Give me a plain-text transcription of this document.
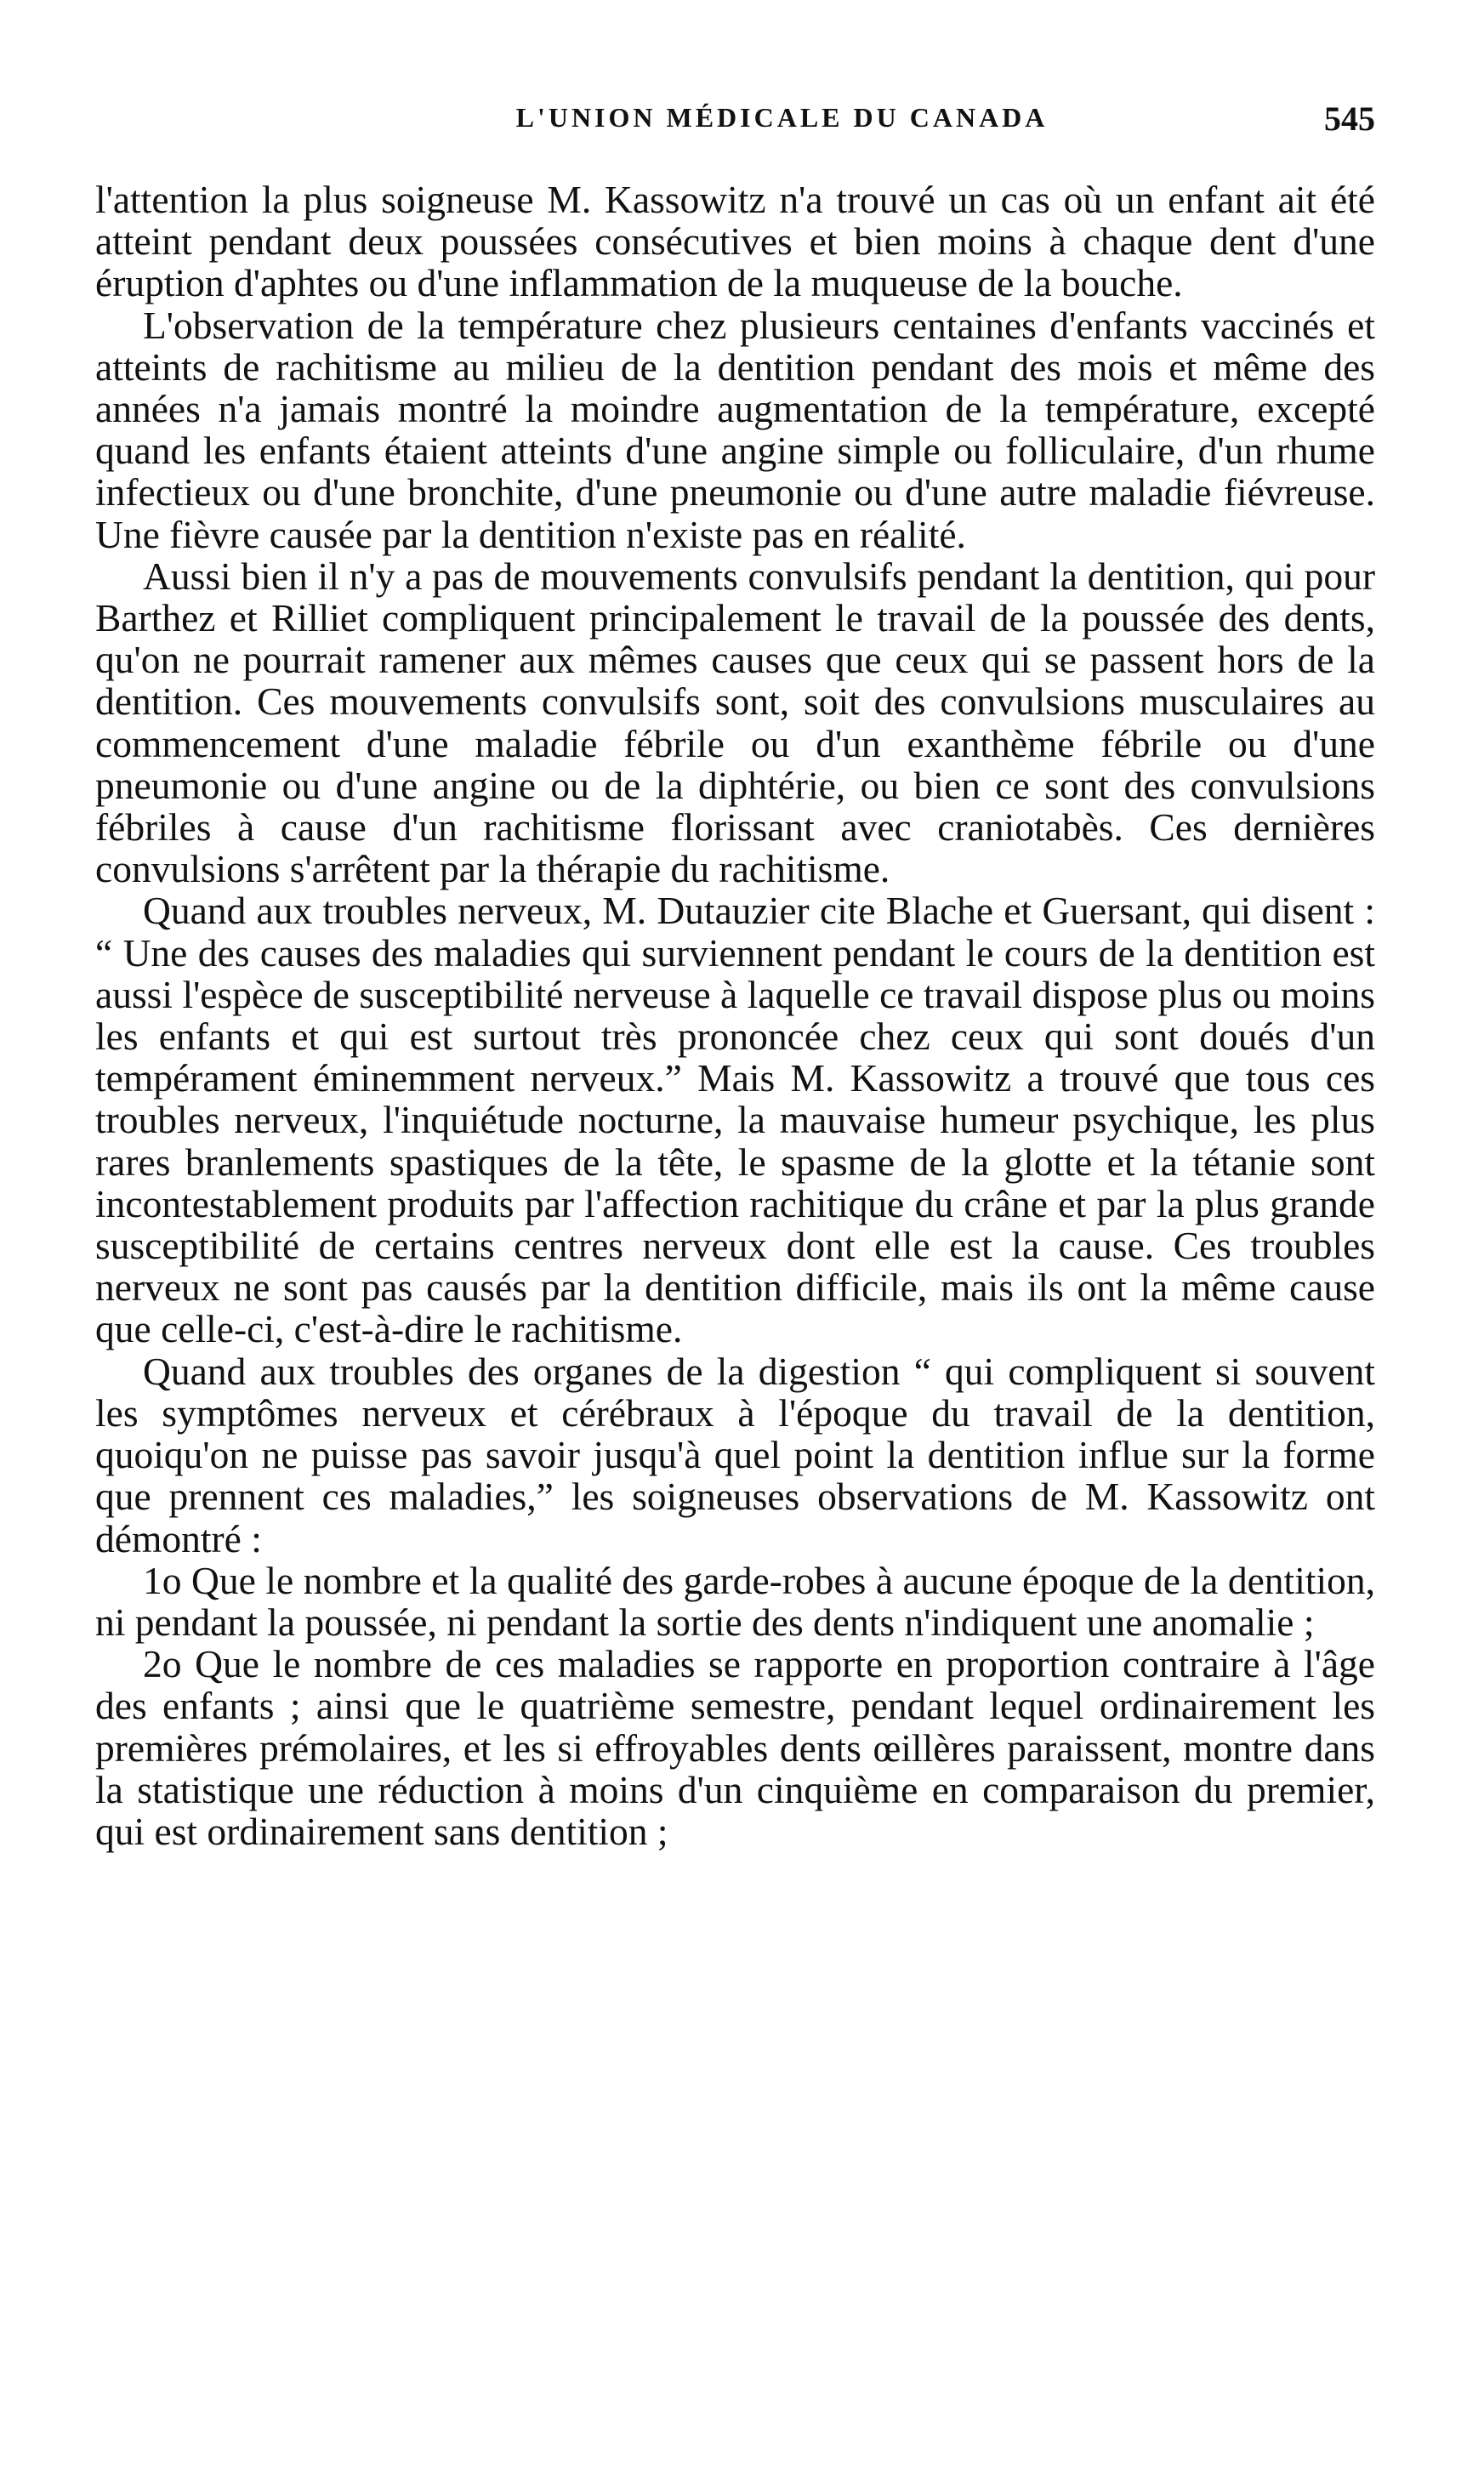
L'UNION MÉDICALE DU CANADA	545

l'attention la plus soigneuse M. Kassowitz n'a trouvé un cas où un enfant ait été atteint pendant deux poussées consécutives et bien moins à chaque dent d'une éruption d'aphtes ou d'une inflammation de la muqueuse de la bouche.

L'observation de la température chez plusieurs centaines d'enfants vaccinés et atteints de rachitisme au milieu de la dentition pendant des mois et même des années n'a jamais montré la moindre augmentation de la température, excepté quand les enfants étaient atteints d'une angine simple ou folliculaire, d'un rhume infectieux ou d'une bronchite, d'une pneumonie ou d'une autre maladie fiévreuse. Une fièvre causée par la dentition n'existe pas en réalité.

Aussi bien il n'y a pas de mouvements convulsifs pendant la dentition, qui pour Barthez et Rilliet compliquent principalement le travail de la poussée des dents, qu'on ne pourrait ramener aux mêmes causes que ceux qui se passent hors de la dentition. Ces mouvements convulsifs sont, soit des convulsions musculaires au commencement d'une maladie fébrile ou d'un exanthème fébrile ou d'une pneumonie ou d'une angine ou de la diphtérie, ou bien ce sont des convulsions fébriles à cause d'un rachitisme florissant avec craniotabès. Ces dernières convulsions s'arrêtent par la thérapie du rachitisme.

Quand aux troubles nerveux, M. Dutauzier cite Blache et Guersant, qui disent : “ Une des causes des maladies qui surviennent pendant le cours de la dentition est aussi l'espèce de susceptibilité nerveuse à laquelle ce travail dispose plus ou moins les enfants et qui est surtout très prononcée chez ceux qui sont doués d'un tempérament éminemment nerveux.” Mais M. Kassowitz a trouvé que tous ces troubles nerveux, l'inquiétude nocturne, la mauvaise humeur psychique, les plus rares branlements spastiques de la tête, le spasme de la glotte et la tétanie sont incontestablement produits par l'affection rachitique du crâne et par la plus grande susceptibilité de certains centres nerveux dont elle est la cause. Ces troubles nerveux ne sont pas causés par la dentition difficile, mais ils ont la même cause que celle-ci, c'est-à-dire le rachitisme.

Quand aux troubles des organes de la digestion “ qui compliquent si souvent les symptômes nerveux et cérébraux à l'époque du travail de la dentition, quoiqu'on ne puisse pas savoir jusqu'à quel point la dentition influe sur la forme que prennent ces maladies,” les soigneuses observations de M. Kassowitz ont démontré :

1o Que le nombre et la qualité des garde-robes à aucune époque de la dentition, ni pendant la poussée, ni pendant la sortie des dents n'indiquent une anomalie ;

2o Que le nombre de ces maladies se rapporte en proportion contraire à l'âge des enfants ; ainsi que le quatrième semestre, pendant lequel ordinairement les premières prémolaires, et les si effroyables dents œillères paraissent, montre dans la statistique une réduction à moins d'un cinquième en comparaison du premier, qui est ordinairement sans dentition ;
